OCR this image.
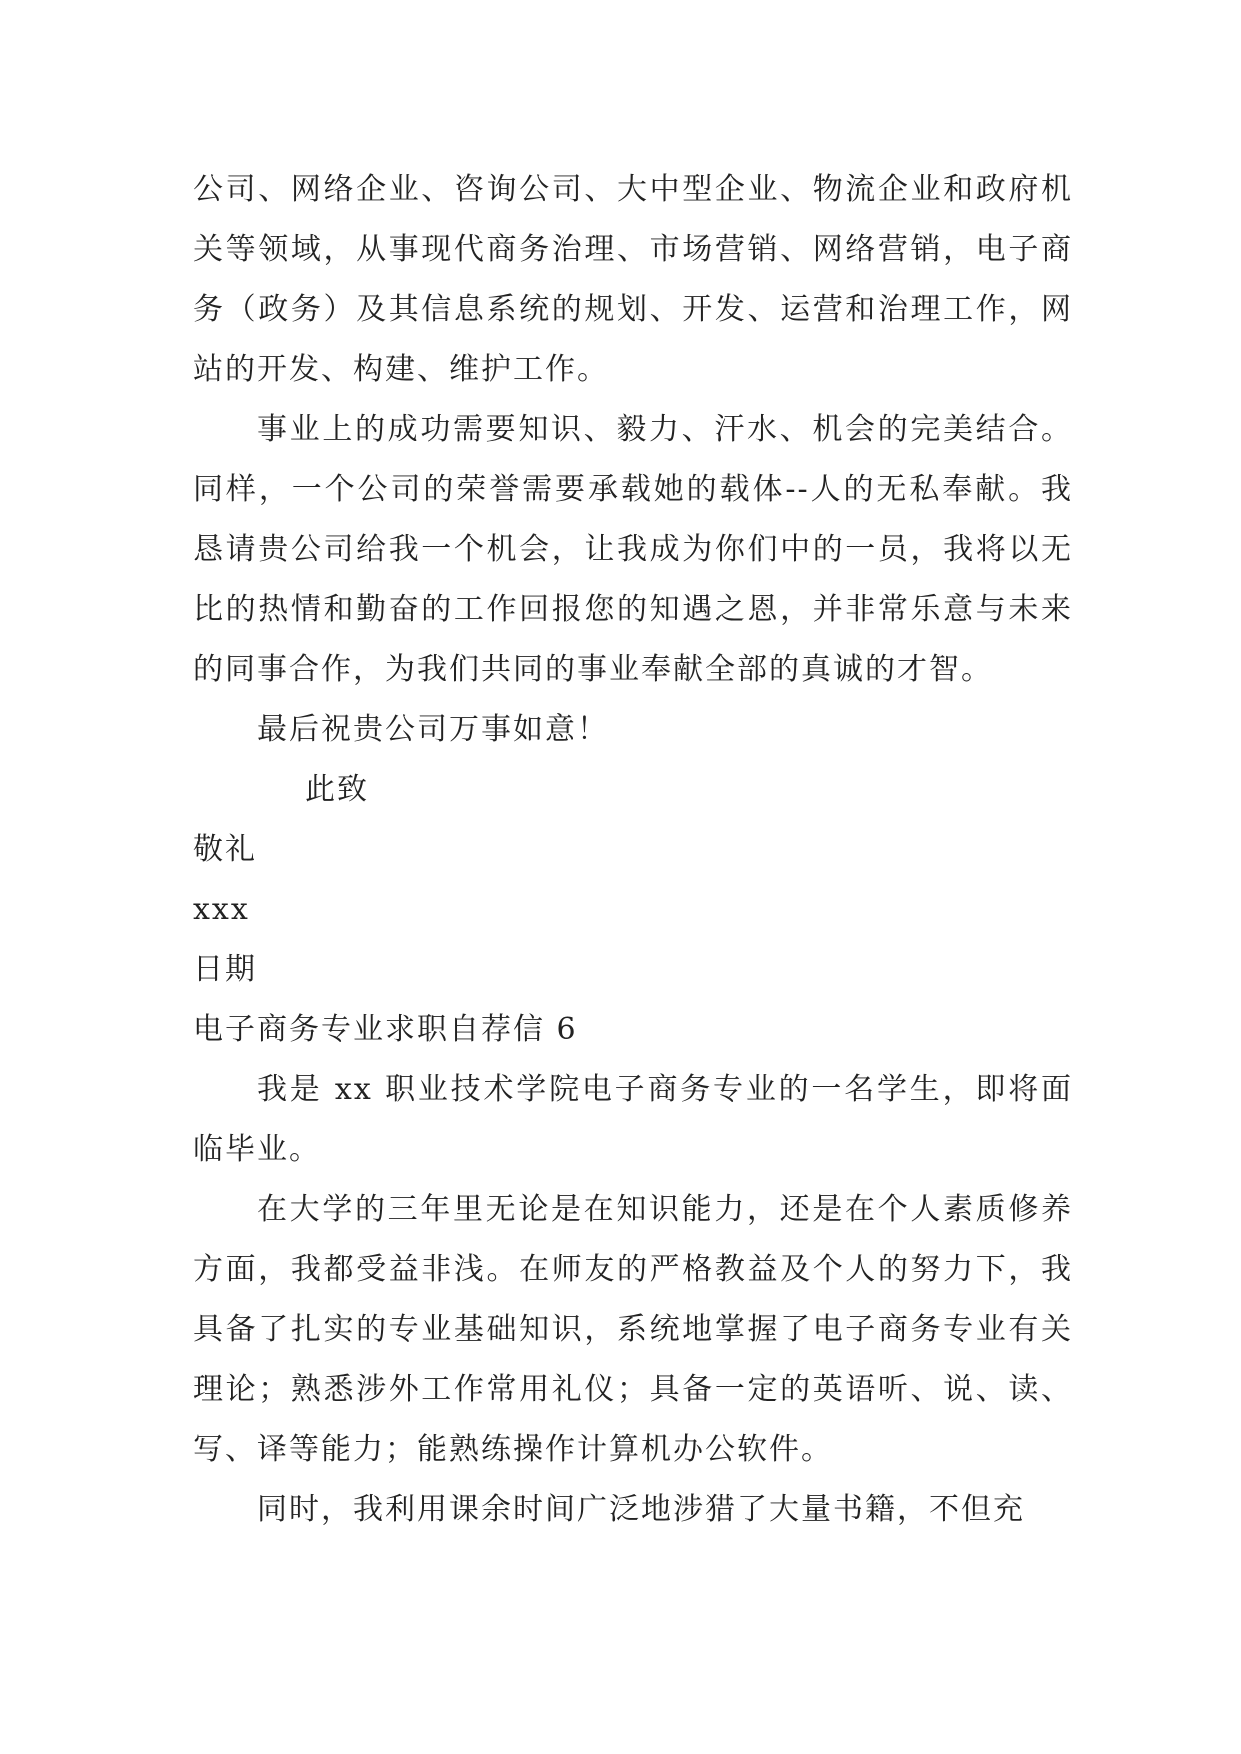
公司、网络企业、咨询公司、大中型企业、物流企业和政府机关等领域，从事现代商务治理、市场营销、网络营销，电子商务（政务）及其信息系统的规划、开发、运营和治理工作，网站的开发、构建、维护工作。

事业上的成功需要知识、毅力、汗水、机会的完美结合。同样，一个公司的荣誉需要承载她的载体--人的无私奉献。我恳请贵公司给我一个机会，让我成为你们中的一员，我将以无比的热情和勤奋的工作回报您的知遇之恩，并非常乐意与未来的同事合作，为我们共同的事业奉献全部的真诚的才智。

最后祝贵公司万事如意！

此致

敬礼

xxx

日期

电子商务专业求职自荐信 6

我是 xx 职业技术学院电子商务专业的一名学生，即将面临毕业。

在大学的三年里无论是在知识能力，还是在个人素质修养方面，我都受益非浅。在师友的严格教益及个人的努力下，我具备了扎实的专业基础知识，系统地掌握了电子商务专业有关理论；熟悉涉外工作常用礼仪；具备一定的英语听、说、读、写、译等能力；能熟练操作计算机办公软件。

同时，我利用课余时间广泛地涉猎了大量书籍，不但充
